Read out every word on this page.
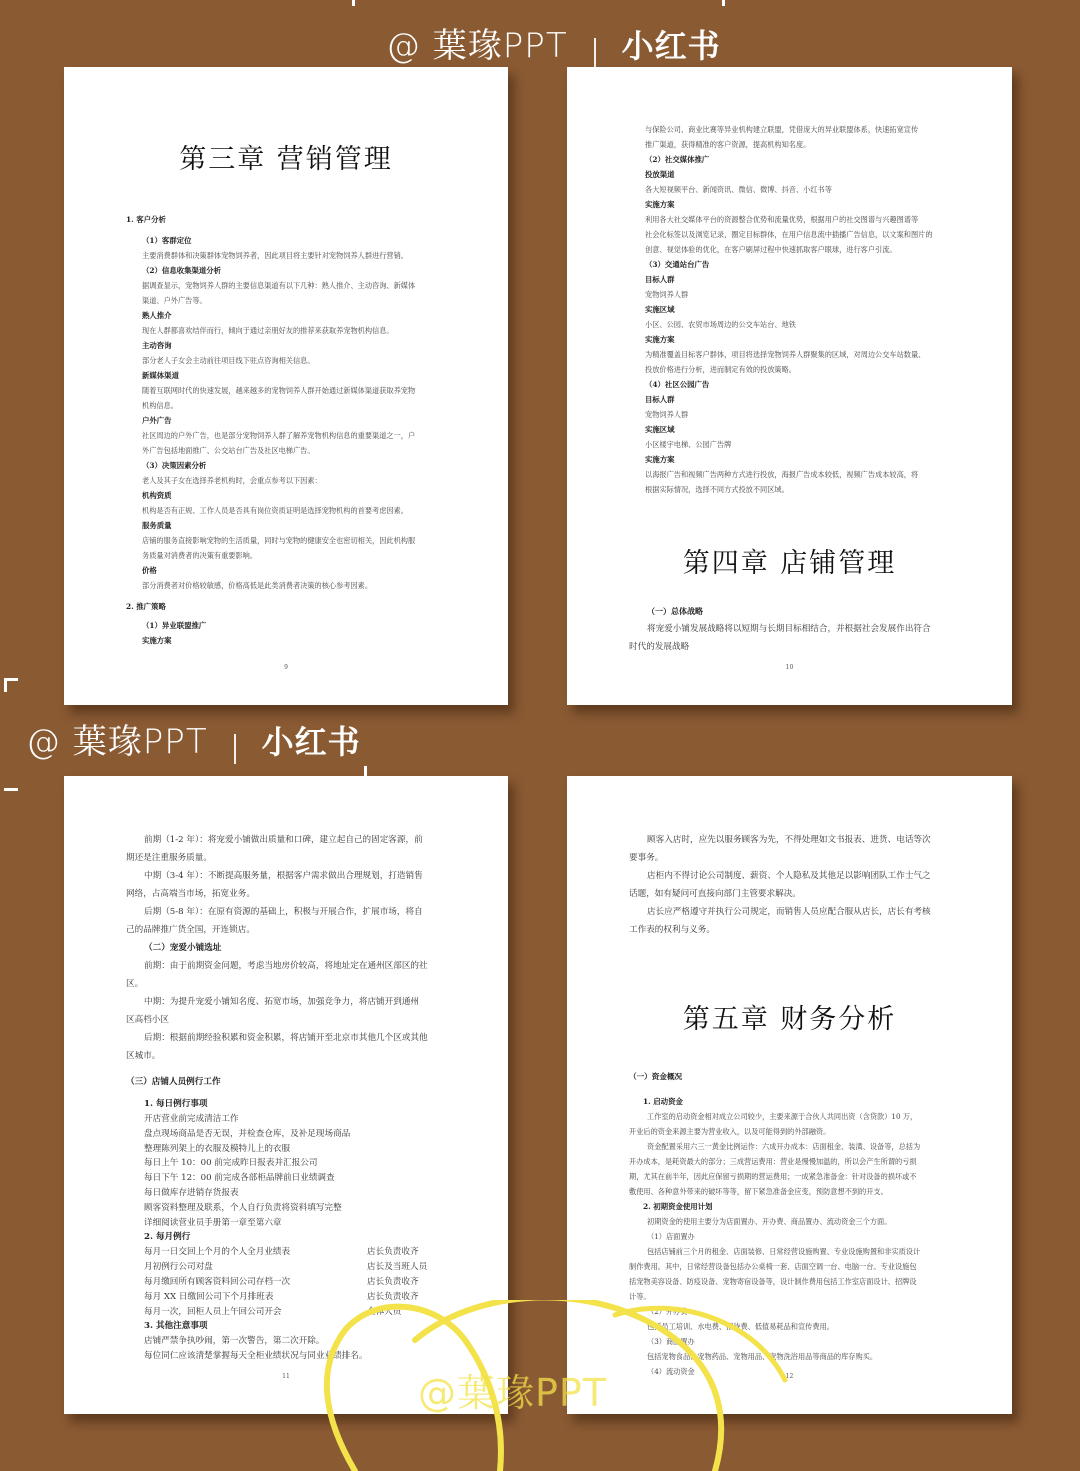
@ 葉瑑PPT 小红书
@ 葉瑑PPT 小红书
第三章 营销管理

1. 客户分析

（1）客群定位

主要消费群体和决策群体宠物饲养者，因此项目将主要针对宠物饲养人群进行营销。

（2）信息收集渠道分析

据调查显示，宠物饲养人群的主要信息渠道有以下几种：熟人推介、主动咨询、新媒体

渠道、户外广告等。

熟人推介

现在人群都喜欢结伴而行，倾向于通过亲朋好友的推荐来获取养宠物机构信息。

主动咨询

部分老人子女会主动前往项目线下驻点咨询相关信息。

新媒体渠道

随着互联网时代的快速发展，越来越多的宠物饲养人群开始通过新媒体渠道获取养宠物

机构信息。

户外广告

社区周边的户外广告，也是部分宠物饲养人群了解养宠物机构信息的重要渠道之一，户

外广告包括地面推广、公交站台广告及社区电梯广告。

（3）决策因素分析

老人及其子女在选择养老机构时，会重点参考以下因素：

机构资质

机构是否有正规、工作人员是否具有岗位资质证明是选择宠物机构的首要考虑因素。

服务质量

店铺的服务直接影响宠物的生活质量，同时与宠物的健康安全也密切相关，因此机构服

务质量对消费者的决策有重要影响。

价格

部分消费者对价格较敏感，价格高低是此类消费者决策的核心参考因素。

2. 推广策略

（1）异业联盟推广

实施方案

9

与保险公司、商业比赛等异业机构建立联盟，凭借庞大的异业联盟体系，快速拓宽宣传

推广渠道，获得精准的客户资源，提高机构知名度。

（2）社交媒体推广

投放渠道

各大短视频平台、新闻资讯、微信、微博、抖音、小红书等

实施方案

利用各大社交媒体平台的资源整合优势和流量优势，根据用户的社交图谱与兴趣图谱等

社会化标签以及浏览记录，圈定目标群体，在用户信息流中插播广告信息，以文案和图片的

创意、视觉体验的优化，在客户刷屏过程中快速抓取客户眼球，进行客户引流。

（3）交通站台广告

目标人群

宠物饲养人群

实施区域

小区、公园、农贸市场周边的公交车站台、地铁

实施方案

为精准覆盖目标客户群体，项目将选择宠物饲养人群聚集的区域，对周边公交车站数量、

投放价格进行分析，进而制定有效的投放策略。

（4）社区公园广告

目标人群

宠物饲养人群

实施区域

小区楼宇电梯、公园广告牌

实施方案

以海报广告和视频广告两种方式进行投放，海报广告成本较低，视频广告成本较高，将

根据实际情况，选择不同方式投放不同区域。

第四章 店铺管理

（一）总体战略

将宠爱小铺发展战略将以短期与长期目标相结合，并根据社会发展作出符合

时代的发展战略

10

前期（1-2 年）：将宠爱小铺做出质量和口碑，建立起自己的固定客源，前

期还是注重服务质量。

中期（3-4 年）：不断提高服务量，根据客户需求做出合理规划，打造销售

网络，占高端当市场，拓宽业务。

后期（5-8 年）：在原有资源的基础上，积极与开展合作，扩展市场，将自

己的品牌推广货全国，开连锁店。

（二）宠爱小铺选址

前期：由于前期资金问题，考虑当地房价较高，将地址定在通州区部区的社

区。

中期：为提升宠爱小铺知名度、拓宽市场，加强竞争力，将店铺开到通州

区高档小区

后期：根据前期经验积累和资金积累，将店铺开至北京市其他几个区或其他

区城市。

（三）店铺人员例行工作

1. 每日例行事项

开店营业前完成清洁工作

盘点现场商品是否无误，并检查仓库，及补足现场商品

整理陈列架上的衣服及模特儿上的衣服

每日上午 10：00 前完成昨日报表并汇报公司

每日下午 12：00 前完成各部柜品牌前日业绩调查

每日做库存进销存货报表

顾客资料整理及联系，个人自行负责将资料填写完整

详细阅读营业员手册第一章至第六章

2. 每月例行

每月一日交回上个月的个人全月业绩表	店长负责收齐
月初例行公司对盘	店长及当班人员
每月缴回所有顾客资料回公司存档一次	店长负责收齐
每月 XX 日缴回公司下个月排班表	店长负责收齐
每月一次，回柜人员上午回公司开会	全体人员

3. 其他注意事项

店铺严禁争执吵闹，第一次警告，第二次开除。

每位同仁应该清楚掌握每天全柜业绩状况与同业业绩排名。

11

顾客入店时，应先以服务顾客为先，不得处理如文书报表、进货、电话等次

要事务。

店柜内不得讨论公司制度、薪资、个人隐私及其他足以影响团队工作士气之

话题，如有疑问可直接向部门主管要求解决。

店长应严格遵守并执行公司规定，而销售人员应配合服从店长，店长有考核

工作表的权利与义务。

第五章 财务分析

（一）资金概况

1. 启动资金

工作室的启动资金相对成立公司较少，主要来源于合伙人共同出资（含贷款）10 万，

开业后的资金来源主要为营业收入，以及可能得到的外部融资。

资金配置采用六三一黄金比例运作：六成开办成本：店面租金、装潢、设备等，总括为

开办成本，是耗资最大的部分；三成营运费用：营业是慢慢加温的，所以会产生所谓的亏损

期，尤其在前半年，因此应保留亏损期的营运费用；一成紧急准备金：针对设备的损坏或不

敷使用、各种意外带来的破坏等等，留下紧急准备金应变，预防意想不到的开支。

2. 初期资金使用计划

初期资金的使用主要分为店面置办、开办费、商品置办、流动资金三个方面。

（1）店面置办

包括店铺前三个月的租金、店面装修、日常经营设施购置、专业设施购置和非实质设计

制作费用。其中，日常经营设备包括办公桌椅一套、店面空调一台、电脑一台。专业设施包

括宠物美容设备、防疫设备、宠物寄宿设备等，设计制作费用包括工作室店面设计、招牌设

计等。

（2）开办费

包括员工培训、水电费、招待费、低值易耗品和宣传费用。

（3）商品置办

包括宠物食品、宠物药品、宠物用品、宠物洗浴用品等商品的库存购买。

（4）流动资金

12
@葉瑑PPT
